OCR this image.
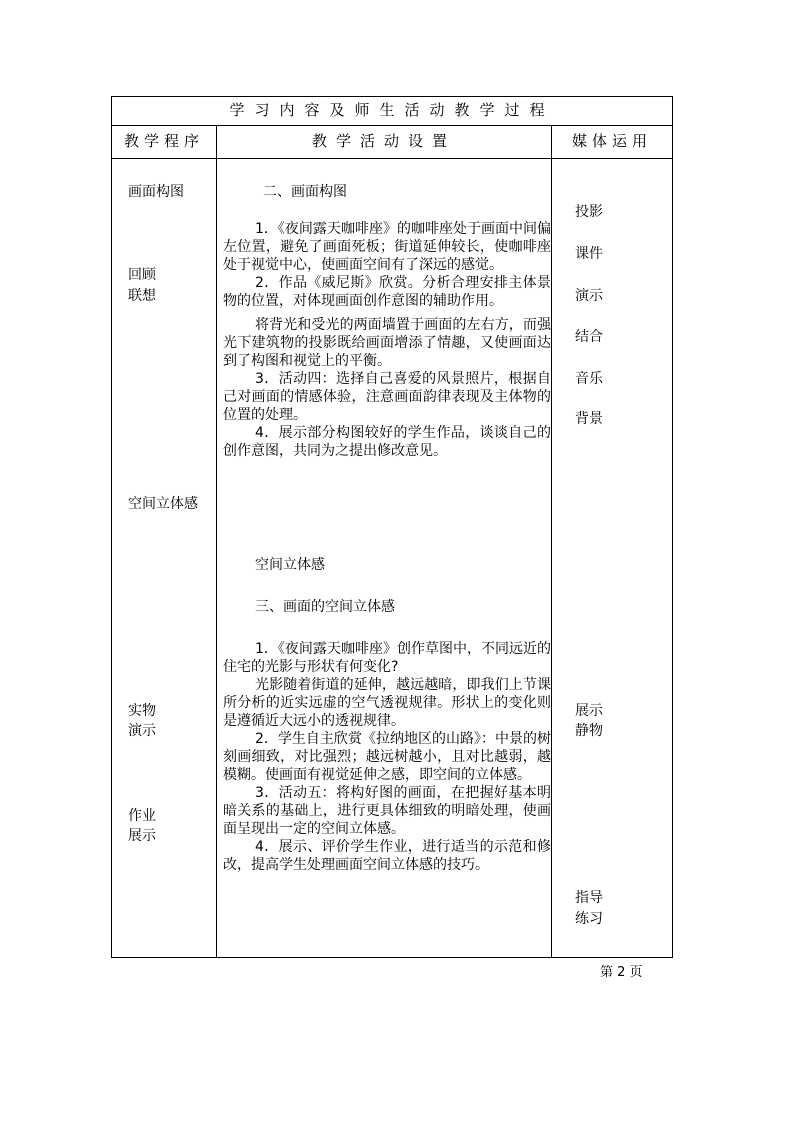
学习内容及师生活动教学过程
教学程序	教学活动设置	媒体运用
画面构图
回顾
联想
空间立体感
实物
演示
作业
展示
投影
课件
演示
结合
音乐
背景
展示
静物
指导
练习

二、画面构图

1．《夜间露天咖啡座》的咖啡座处于画面中间偏左位置，避免了画面死板；街道延伸较长，使咖啡座处于视觉中心，使画面空间有了深远的感觉。

2．作品《威尼斯》欣赏。分析合理安排主体景物的位置，对体现画面创作意图的辅助作用。

将背光和受光的两面墙置于画面的左右方，而强光下建筑物的投影既给画面增添了情趣，又使画面达到了构图和视觉上的平衡。

3．活动四：选择自己喜爱的风景照片，根据自己对画面的情感体验，注意画面韵律表现及主体物的位置的处理。

4．展示部分构图较好的学生作品，谈谈自己的创作意图，共同为之提出修改意见。

空间立体感

三、画面的空间立体感

1．《夜间露天咖啡座》创作草图中，不同远近的住宅的光影与形状有何变化?

光影随着街道的延伸，越远越暗，即我们上节课所分析的近实远虚的空气透视规律。形状上的变化则是遵循近大远小的透视规律。

2．学生自主欣赏《拉纳地区的山路》：中景的树刻画细致，对比强烈；越远树越小，且对比越弱，越模糊。使画面有视觉延伸之感，即空间的立体感。

3．活动五：将构好图的画面，在把握好基本明暗关系的基础上，进行更具体细致的明暗处理，使画面呈现出一定的空间立体感。

4．展示、评价学生作业，进行适当的示范和修改，提高学生处理画面空间立体感的技巧。

第 2 页
